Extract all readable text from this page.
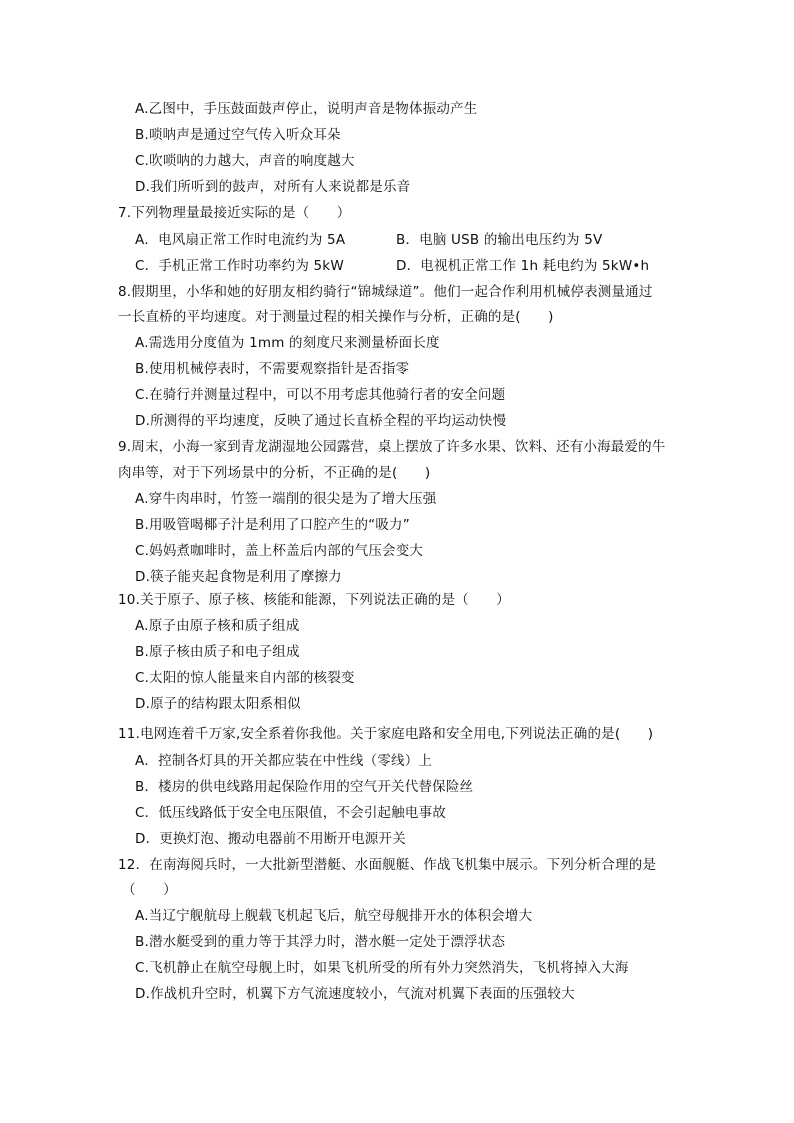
A.乙图中，手压鼓面鼓声停止，说明声音是物体振动产生
B.唢呐声是通过空气传入听众耳朵
C.吹唢呐的力越大，声音的响度越大
D.我们所听到的鼓声，对所有人来说都是乐音
7.下列物理量最接近实际的是（　　）
A．电风扇正常工作时电流约为 5A	B．电脑 USB 的输出电压约为 5V
C．手机正常工作时功率约为 5kW	D．电视机正常工作 1h 耗电约为 5kW•h
8.假期里，小华和她的好朋友相约骑行“锦城绿道”。他们一起合作利用机械停表测量通过
一长直桥的平均速度。对于测量过程的相关操作与分析，正确的是(　　)
A.需选用分度值为 1mm 的刻度尺来测量桥面长度
B.使用机械停表时，不需要观察指针是否指零
C.在骑行并测量过程中，可以不用考虑其他骑行者的安全问题
D.所测得的平均速度，反映了通过长直桥全程的平均运动快慢
9.周末，小海一家到青龙湖湿地公园露营，桌上摆放了许多水果、饮料、还有小海最爱的牛
肉串等，对于下列场景中的分析，不正确的是(　　)
A.穿牛肉串时，竹签一端削的很尖是为了增大压强
B.用吸管喝椰子汁是利用了口腔产生的“吸力”
C.妈妈煮咖啡时，盖上杯盖后内部的气压会变大
D.筷子能夹起食物是利用了摩擦力
10.关于原子、原子核、核能和能源，下列说法正确的是（　　）
A.原子由原子核和质子组成
B.原子核由质子和电子组成
C.太阳的惊人能量来自内部的核裂变
D.原子的结构跟太阳系相似
11.电网连着千万家,安全系着你我他。关于家庭电路和安全用电,下列说法正确的是(　　)
A．控制各灯具的开关都应装在中性线（零线）上
B．楼房的供电线路用起保险作用的空气开关代替保险丝
C．低压线路低于安全电压限值，不会引起触电事故
D．更换灯泡、搬动电器前不用断开电源开关
12．在南海阅兵时，一大批新型潜艇、水面舰艇、作战飞机集中展示。下列分析合理的是
（　　）
A.当辽宁舰航母上舰载飞机起飞后，航空母舰排开水的体积会增大
B.潜水艇受到的重力等于其浮力时，潜水艇一定处于漂浮状态
C.飞机静止在航空母舰上时，如果飞机所受的所有外力突然消失，飞机将掉入大海
D.作战机升空时，机翼下方气流速度较小，气流对机翼下表面的压强较大
